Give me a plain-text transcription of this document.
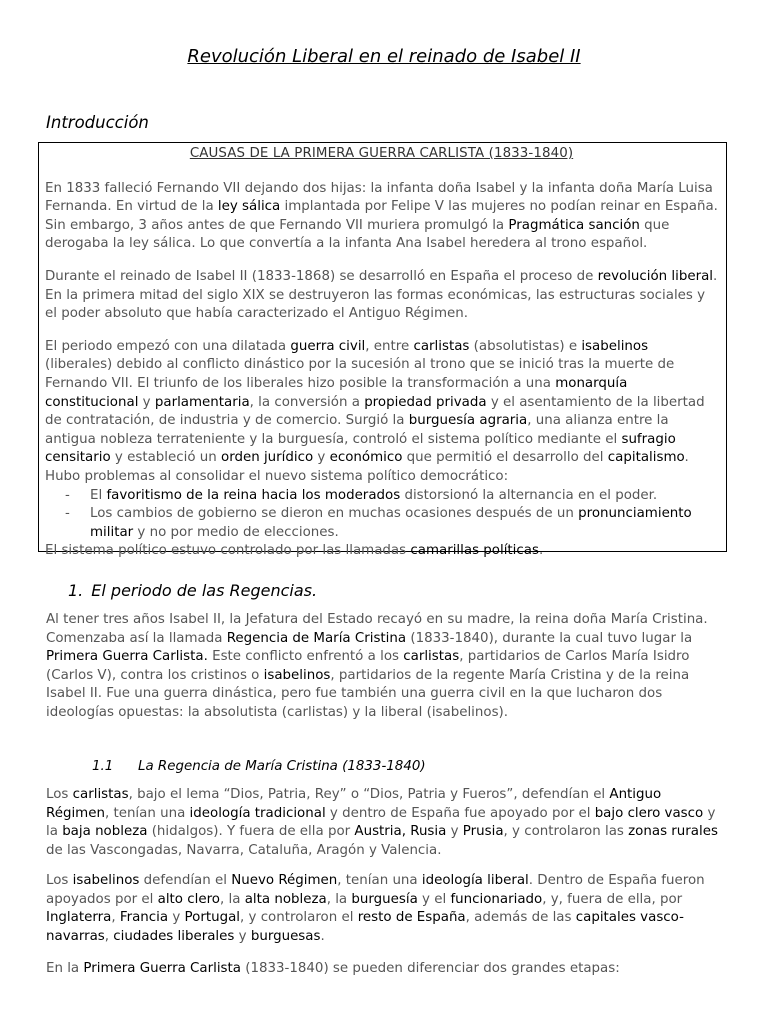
Revolución Liberal en el reinado de Isabel II
Introducción
CAUSAS DE LA PRIMERA GUERRA CARLISTA (1833-1840)

En 1833 falleció Fernando VII dejando dos hijas: la infanta doña Isabel y la infanta doña María Luisa Fernanda. En virtud de la ley sálica implantada por Felipe V las mujeres no podían reinar en España. Sin embargo, 3 años antes de que Fernando VII muriera promulgó la Pragmática sanción que derogaba la ley sálica. Lo que convertía a la infanta Ana Isabel heredera al trono español.

Durante el reinado de Isabel II (1833-1868) se desarrolló en España el proceso de revolución liberal. En la primera mitad del siglo XIX se destruyeron las formas económicas, las estructuras sociales y el poder absoluto que había caracterizado el Antiguo Régimen.

El periodo empezó con una dilatada guerra civil, entre carlistas (absolutistas) e isabelinos (liberales) debido al conflicto dinástico por la sucesión al trono que se inició tras la muerte de Fernando VII. El triunfo de los liberales hizo posible la transformación a una monarquía constitucional y parlamentaria, la conversión a propiedad privada y el asentamiento de la libertad de contratación, de industria y de comercio. Surgió la burguesía agraria, una alianza entre la antigua nobleza terrateniente y la burguesía, controló el sistema político mediante el sufragio censitario y estableció un orden jurídico y económico que permitió el desarrollo del capitalismo.

Hubo problemas al consolidar el nuevo sistema político democrático:

- El favoritismo de la reina hacia los moderados distorsionó la alternancia en el poder.
- Los cambios de gobierno se dieron en muchas ocasiones después de un pronunciamiento militar y no por medio de elecciones.

El sistema político estuvo controlado por las llamadas camarillas políticas.

1. El periodo de las Regencias.

Al tener tres años Isabel II, la Jefatura del Estado recayó en su madre, la reina doña María Cristina. Comenzaba así la llamada Regencia de María Cristina (1833-1840), durante la cual tuvo lugar la Primera Guerra Carlista. Este conflicto enfrentó a los carlistas, partidarios de Carlos María Isidro (Carlos V), contra los cristinos o isabelinos, partidarios de la regente María Cristina y de la reina Isabel II. Fue una guerra dinástica, pero fue también una guerra civil en la que lucharon dos ideologías opuestas: la absolutista (carlistas) y la liberal (isabelinos).

1.1 La Regencia de María Cristina (1833-1840)

Los carlistas, bajo el lema “Dios, Patria, Rey” o “Dios, Patria y Fueros”, defendían el Antiguo Régimen, tenían una ideología tradicional y dentro de España fue apoyado por el bajo clero vasco y la baja nobleza (hidalgos). Y fuera de ella por Austria, Rusia y Prusia, y controlaron las zonas rurales de las Vascongadas, Navarra, Cataluña, Aragón y Valencia.

Los isabelinos defendían el Nuevo Régimen, tenían una ideología liberal. Dentro de España fueron apoyados por el alto clero, la alta nobleza, la burguesía y el funcionariado, y, fuera de ella, por Inglaterra, Francia y Portugal, y controlaron el resto de España, además de las capitales vasco-navarras, ciudades liberales y burguesas.

En la Primera Guerra Carlista (1833-1840) se pueden diferenciar dos grandes etapas:
